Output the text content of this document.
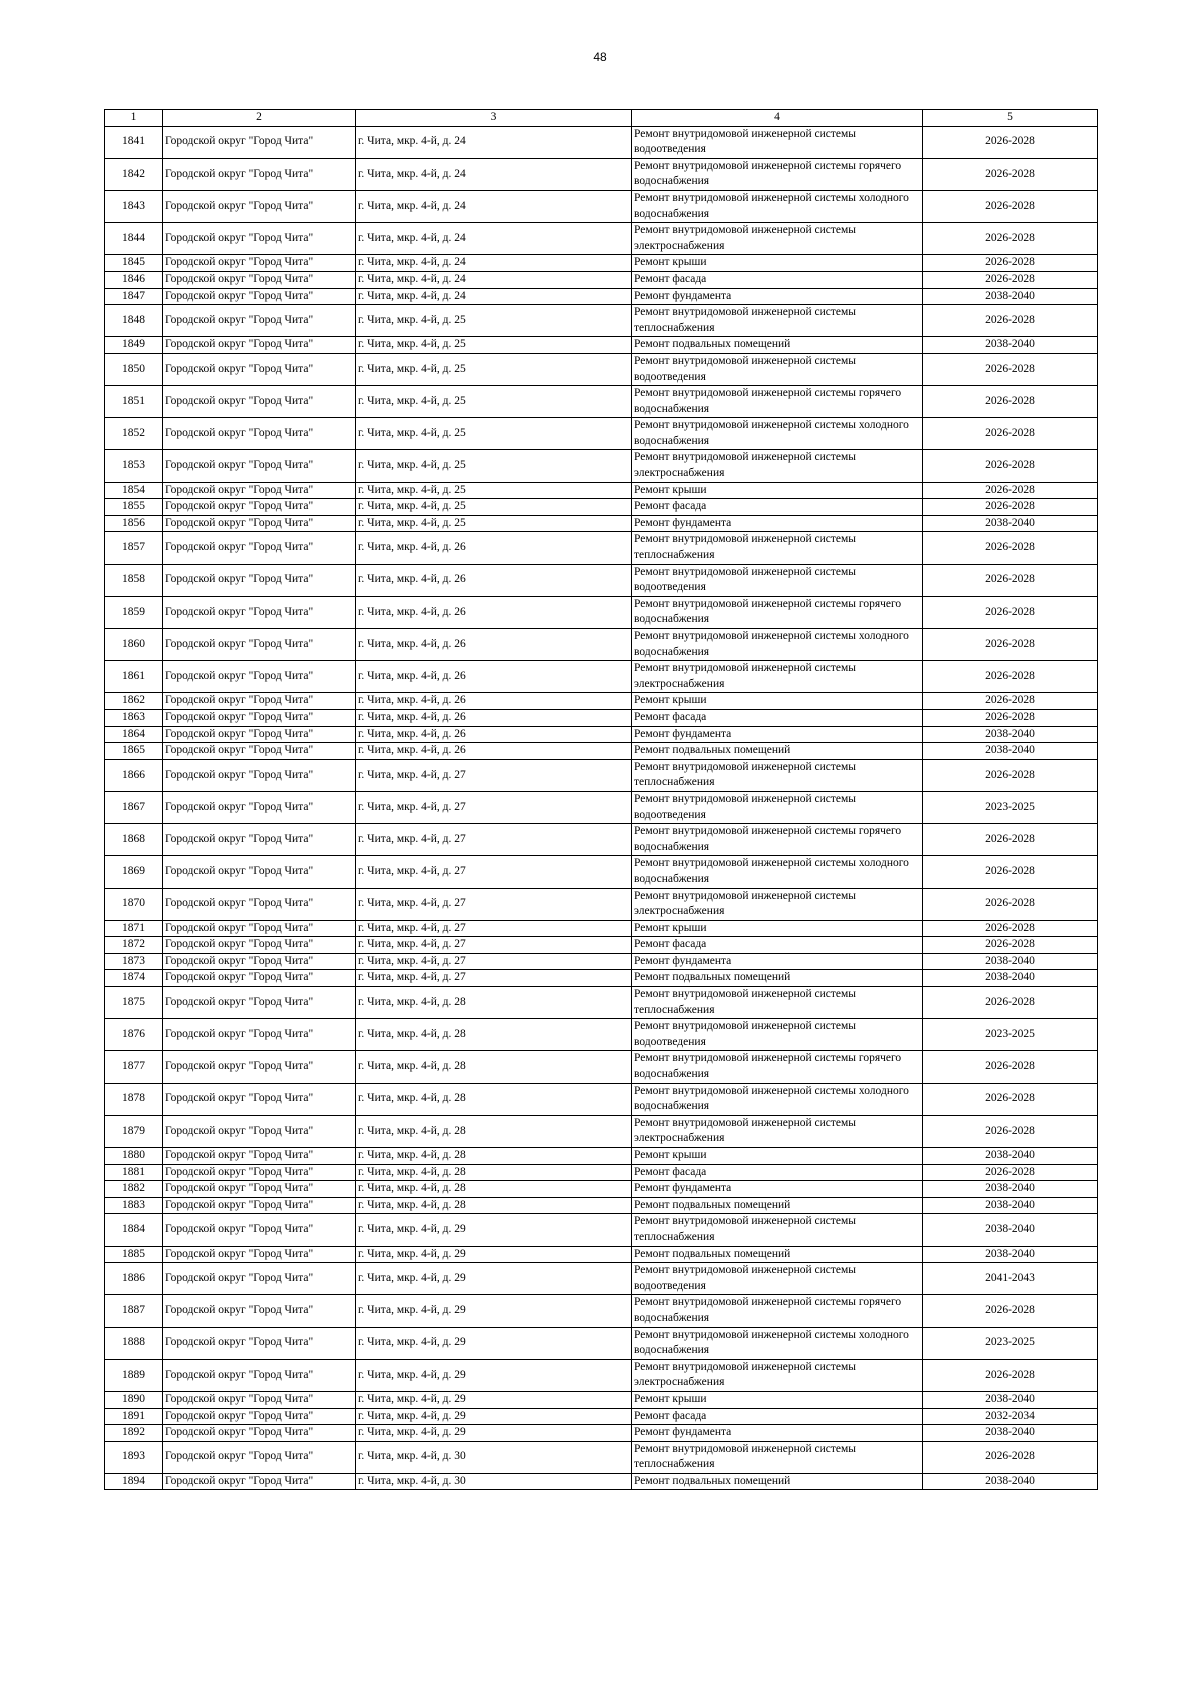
48
1	2	3	4	5
1841	Городской округ "Город Чита"	г. Чита, мкр. 4-й, д. 24	Ремонт внутридомовой инженерной системы водоотведения	2026-2028
1842	Городской округ "Город Чита"	г. Чита, мкр. 4-й, д. 24	Ремонт внутридомовой инженерной системы горячего водоснабжения	2026-2028
1843	Городской округ "Город Чита"	г. Чита, мкр. 4-й, д. 24	Ремонт внутридомовой инженерной системы холодного водоснабжения	2026-2028
1844	Городской округ "Город Чита"	г. Чита, мкр. 4-й, д. 24	Ремонт внутридомовой инженерной системы электроснабжения	2026-2028
1845	Городской округ "Город Чита"	г. Чита, мкр. 4-й, д. 24	Ремонт крыши	2026-2028
1846	Городской округ "Город Чита"	г. Чита, мкр. 4-й, д. 24	Ремонт фасада	2026-2028
1847	Городской округ "Город Чита"	г. Чита, мкр. 4-й, д. 24	Ремонт фундамента	2038-2040
1848	Городской округ "Город Чита"	г. Чита, мкр. 4-й, д. 25	Ремонт внутридомовой инженерной системы теплоснабжения	2026-2028
1849	Городской округ "Город Чита"	г. Чита, мкр. 4-й, д. 25	Ремонт подвальных помещений	2038-2040
1850	Городской округ "Город Чита"	г. Чита, мкр. 4-й, д. 25	Ремонт внутридомовой инженерной системы водоотведения	2026-2028
1851	Городской округ "Город Чита"	г. Чита, мкр. 4-й, д. 25	Ремонт внутридомовой инженерной системы горячего водоснабжения	2026-2028
1852	Городской округ "Город Чита"	г. Чита, мкр. 4-й, д. 25	Ремонт внутридомовой инженерной системы холодного водоснабжения	2026-2028
1853	Городской округ "Город Чита"	г. Чита, мкр. 4-й, д. 25	Ремонт внутридомовой инженерной системы электроснабжения	2026-2028
1854	Городской округ "Город Чита"	г. Чита, мкр. 4-й, д. 25	Ремонт крыши	2026-2028
1855	Городской округ "Город Чита"	г. Чита, мкр. 4-й, д. 25	Ремонт фасада	2026-2028
1856	Городской округ "Город Чита"	г. Чита, мкр. 4-й, д. 25	Ремонт фундамента	2038-2040
1857	Городской округ "Город Чита"	г. Чита, мкр. 4-й, д. 26	Ремонт внутридомовой инженерной системы теплоснабжения	2026-2028
1858	Городской округ "Город Чита"	г. Чита, мкр. 4-й, д. 26	Ремонт внутридомовой инженерной системы водоотведения	2026-2028
1859	Городской округ "Город Чита"	г. Чита, мкр. 4-й, д. 26	Ремонт внутридомовой инженерной системы горячего водоснабжения	2026-2028
1860	Городской округ "Город Чита"	г. Чита, мкр. 4-й, д. 26	Ремонт внутридомовой инженерной системы холодного водоснабжения	2026-2028
1861	Городской округ "Город Чита"	г. Чита, мкр. 4-й, д. 26	Ремонт внутридомовой инженерной системы электроснабжения	2026-2028
1862	Городской округ "Город Чита"	г. Чита, мкр. 4-й, д. 26	Ремонт крыши	2026-2028
1863	Городской округ "Город Чита"	г. Чита, мкр. 4-й, д. 26	Ремонт фасада	2026-2028
1864	Городской округ "Город Чита"	г. Чита, мкр. 4-й, д. 26	Ремонт фундамента	2038-2040
1865	Городской округ "Город Чита"	г. Чита, мкр. 4-й, д. 26	Ремонт подвальных помещений	2038-2040
1866	Городской округ "Город Чита"	г. Чита, мкр. 4-й, д. 27	Ремонт внутридомовой инженерной системы теплоснабжения	2026-2028
1867	Городской округ "Город Чита"	г. Чита, мкр. 4-й, д. 27	Ремонт внутридомовой инженерной системы водоотведения	2023-2025
1868	Городской округ "Город Чита"	г. Чита, мкр. 4-й, д. 27	Ремонт внутридомовой инженерной системы горячего водоснабжения	2026-2028
1869	Городской округ "Город Чита"	г. Чита, мкр. 4-й, д. 27	Ремонт внутридомовой инженерной системы холодного водоснабжения	2026-2028
1870	Городской округ "Город Чита"	г. Чита, мкр. 4-й, д. 27	Ремонт внутридомовой инженерной системы электроснабжения	2026-2028
1871	Городской округ "Город Чита"	г. Чита, мкр. 4-й, д. 27	Ремонт крыши	2026-2028
1872	Городской округ "Город Чита"	г. Чита, мкр. 4-й, д. 27	Ремонт фасада	2026-2028
1873	Городской округ "Город Чита"	г. Чита, мкр. 4-й, д. 27	Ремонт фундамента	2038-2040
1874	Городской округ "Город Чита"	г. Чита, мкр. 4-й, д. 27	Ремонт подвальных помещений	2038-2040
1875	Городской округ "Город Чита"	г. Чита, мкр. 4-й, д. 28	Ремонт внутридомовой инженерной системы теплоснабжения	2026-2028
1876	Городской округ "Город Чита"	г. Чита, мкр. 4-й, д. 28	Ремонт внутридомовой инженерной системы водоотведения	2023-2025
1877	Городской округ "Город Чита"	г. Чита, мкр. 4-й, д. 28	Ремонт внутридомовой инженерной системы горячего водоснабжения	2026-2028
1878	Городской округ "Город Чита"	г. Чита, мкр. 4-й, д. 28	Ремонт внутридомовой инженерной системы холодного водоснабжения	2026-2028
1879	Городской округ "Город Чита"	г. Чита, мкр. 4-й, д. 28	Ремонт внутридомовой инженерной системы электроснабжения	2026-2028
1880	Городской округ "Город Чита"	г. Чита, мкр. 4-й, д. 28	Ремонт крыши	2038-2040
1881	Городской округ "Город Чита"	г. Чита, мкр. 4-й, д. 28	Ремонт фасада	2026-2028
1882	Городской округ "Город Чита"	г. Чита, мкр. 4-й, д. 28	Ремонт фундамента	2038-2040
1883	Городской округ "Город Чита"	г. Чита, мкр. 4-й, д. 28	Ремонт подвальных помещений	2038-2040
1884	Городской округ "Город Чита"	г. Чита, мкр. 4-й, д. 29	Ремонт внутридомовой инженерной системы теплоснабжения	2038-2040
1885	Городской округ "Город Чита"	г. Чита, мкр. 4-й, д. 29	Ремонт подвальных помещений	2038-2040
1886	Городской округ "Город Чита"	г. Чита, мкр. 4-й, д. 29	Ремонт внутридомовой инженерной системы водоотведения	2041-2043
1887	Городской округ "Город Чита"	г. Чита, мкр. 4-й, д. 29	Ремонт внутридомовой инженерной системы горячего водоснабжения	2026-2028
1888	Городской округ "Город Чита"	г. Чита, мкр. 4-й, д. 29	Ремонт внутридомовой инженерной системы холодного водоснабжения	2023-2025
1889	Городской округ "Город Чита"	г. Чита, мкр. 4-й, д. 29	Ремонт внутридомовой инженерной системы электроснабжения	2026-2028
1890	Городской округ "Город Чита"	г. Чита, мкр. 4-й, д. 29	Ремонт крыши	2038-2040
1891	Городской округ "Город Чита"	г. Чита, мкр. 4-й, д. 29	Ремонт фасада	2032-2034
1892	Городской округ "Город Чита"	г. Чита, мкр. 4-й, д. 29	Ремонт фундамента	2038-2040
1893	Городской округ "Город Чита"	г. Чита, мкр. 4-й, д. 30	Ремонт внутридомовой инженерной системы теплоснабжения	2026-2028
1894	Городской округ "Город Чита"	г. Чита, мкр. 4-й, д. 30	Ремонт подвальных помещений	2038-2040
